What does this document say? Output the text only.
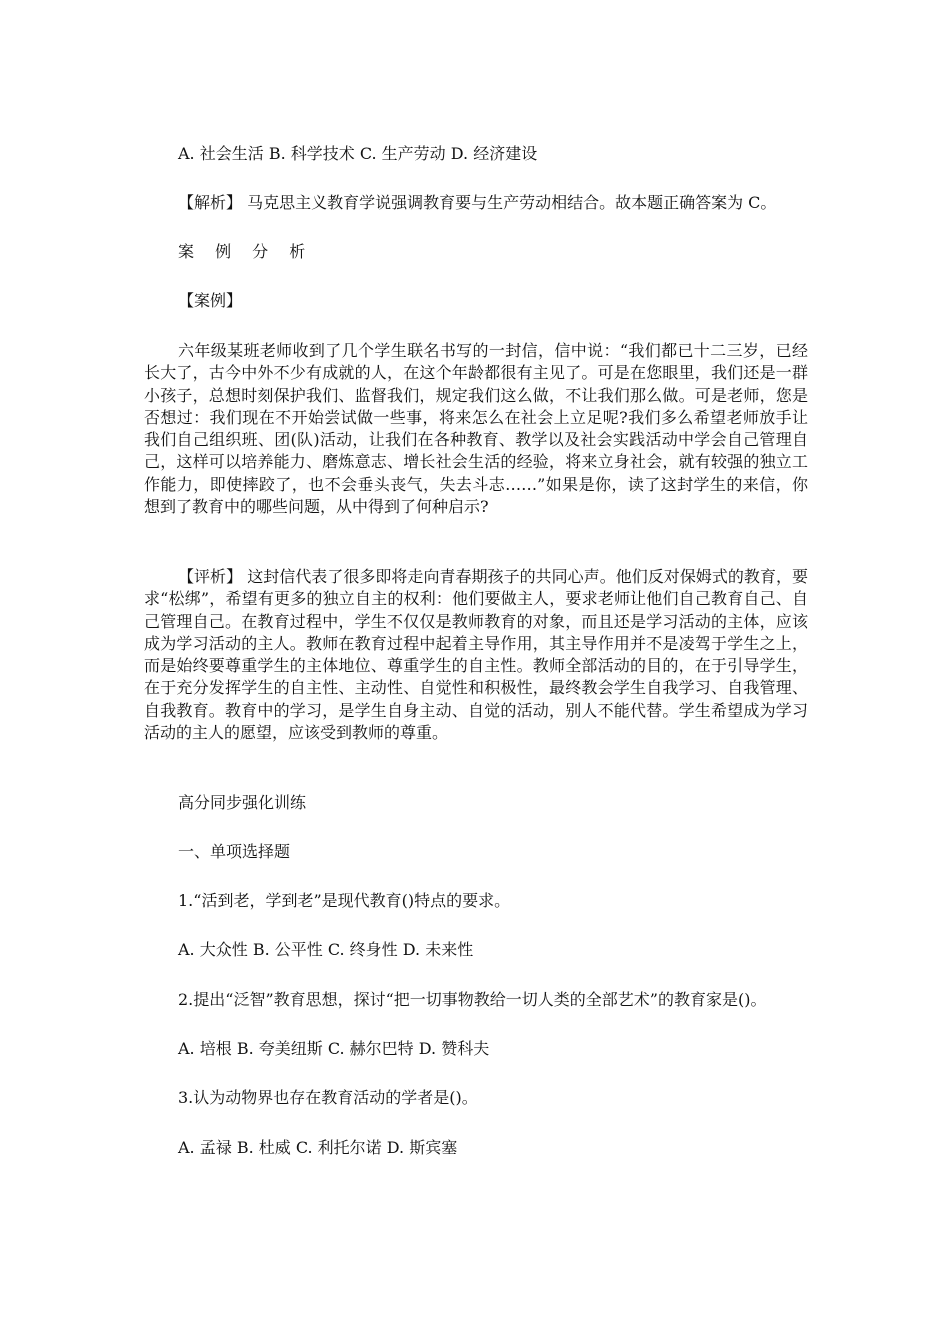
A. 社会生活 B. 科学技术 C. 生产劳动 D. 经济建设
【解析】 马克思主义教育学说强调教育要与生产劳动相结合。故本题正确答案为 C。
案 例 分 析
【案例】
六年级某班老师收到了几个学生联名书写的一封信，信中说：“我们都已十二三岁，已经长大了，古今中外不少有成就的人，在这个年龄都很有主见了。可是在您眼里，我们还是一群小孩子，总想时刻保护我们、监督我们，规定我们这么做，不让我们那么做。可是老师，您是否想过：我们现在不开始尝试做一些事，将来怎么在社会上立足呢?我们多么希望老师放手让我们自己组织班、团(队)活动，让我们在各种教育、教学以及社会实践活动中学会自己管理自己，这样可以培养能力、磨炼意志、增长社会生活的经验，将来立身社会，就有较强的独立工作能力，即使摔跤了，也不会垂头丧气，失去斗志……”如果是你，读了这封学生的来信，你想到了教育中的哪些问题，从中得到了何种启示?
【评析】 这封信代表了很多即将走向青春期孩子的共同心声。他们反对保姆式的教育，要求“松绑”，希望有更多的独立自主的权利：他们要做主人，要求老师让他们自己教育自己、自己管理自己。在教育过程中，学生不仅仅是教师教育的对象，而且还是学习活动的主体，应该成为学习活动的主人。教师在教育过程中起着主导作用，其主导作用并不是凌驾于学生之上，而是始终要尊重学生的主体地位、尊重学生的自主性。教师全部活动的目的，在于引导学生，在于充分发挥学生的自主性、主动性、自觉性和积极性，最终教会学生自我学习、自我管理、自我教育。教育中的学习，是学生自身主动、自觉的活动，别人不能代替。学生希望成为学习活动的主人的愿望，应该受到教师的尊重。
高分同步强化训练
一、单项选择题
1.“活到老，学到老”是现代教育()特点的要求。
A. 大众性 B. 公平性 C. 终身性 D. 未来性
2.提出“泛智”教育思想，探讨“把一切事物教给一切人类的全部艺术”的教育家是()。
A. 培根 B. 夸美纽斯 C. 赫尔巴特 D. 赞科夫
3.认为动物界也存在教育活动的学者是()。
A. 孟禄 B. 杜威 C. 利托尔诺 D. 斯宾塞
